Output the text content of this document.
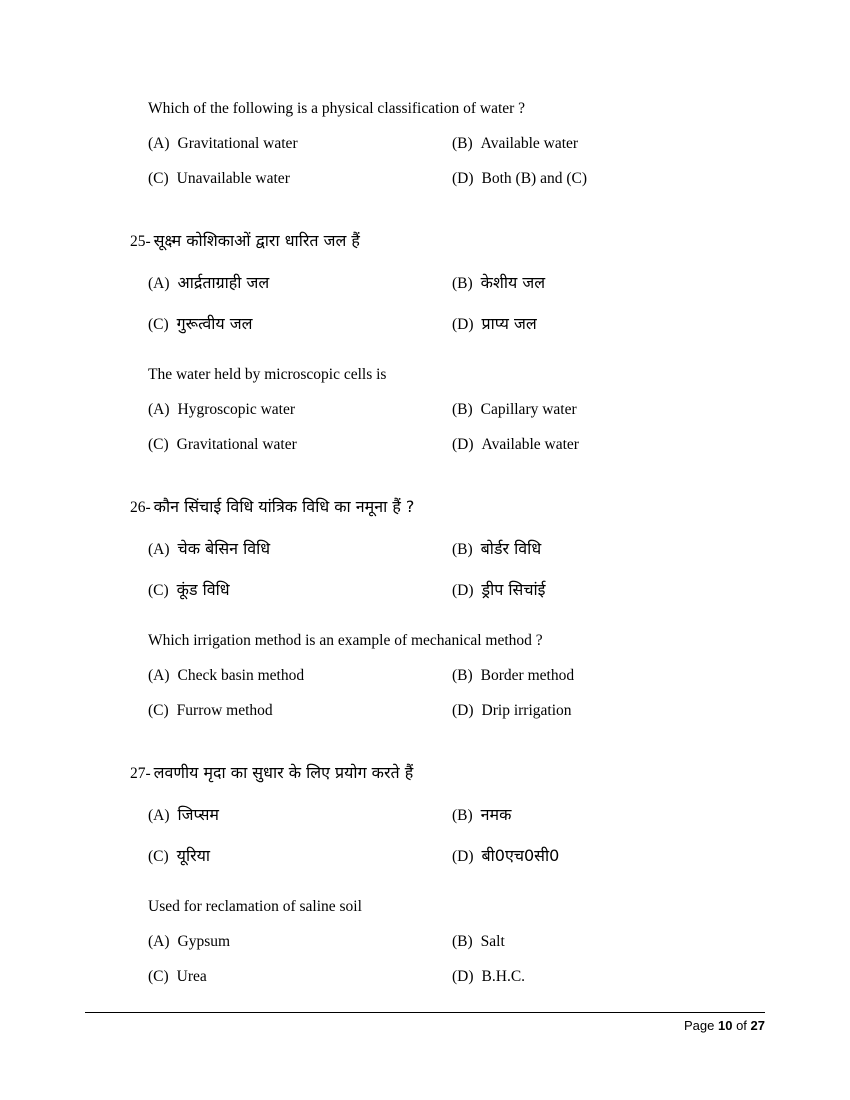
Which of the following is a physical classification of water ?
(A) Gravitational water	(B) Available water
(C) Unavailable water	(D) Both (B) and (C)
25- सूक्ष्म कोशिकाओं द्वारा धारित जल हैं
(A) आर्द्रताग्राही जल	(B) केशीय जल
(C) गुरूत्वीय जल	(D) प्राप्य जल
The water held by microscopic cells is
(A) Hygroscopic water	(B) Capillary water
(C) Gravitational water	(D) Available water
26- कौन सिंचाई विधि यांत्रिक विधि का नमूना हैं ?
(A) चेक बेसिन विधि	(B) बोर्डर विधि
(C) कूंड विधि	(D) ड्रीप सिचांई
Which irrigation method is an example of mechanical method ?
(A) Check basin method	(B) Border method
(C) Furrow method	(D) Drip irrigation
27- लवणीय मृदा का सुधार के लिए प्रयोग करते हैं
(A) जिप्सम	(B) नमक
(C) यूरिया	(D) बी0एच0सी0
Used for reclamation of saline soil
(A) Gypsum	(B) Salt
(C) Urea	(D) B.H.C.
Page 10 of 27
